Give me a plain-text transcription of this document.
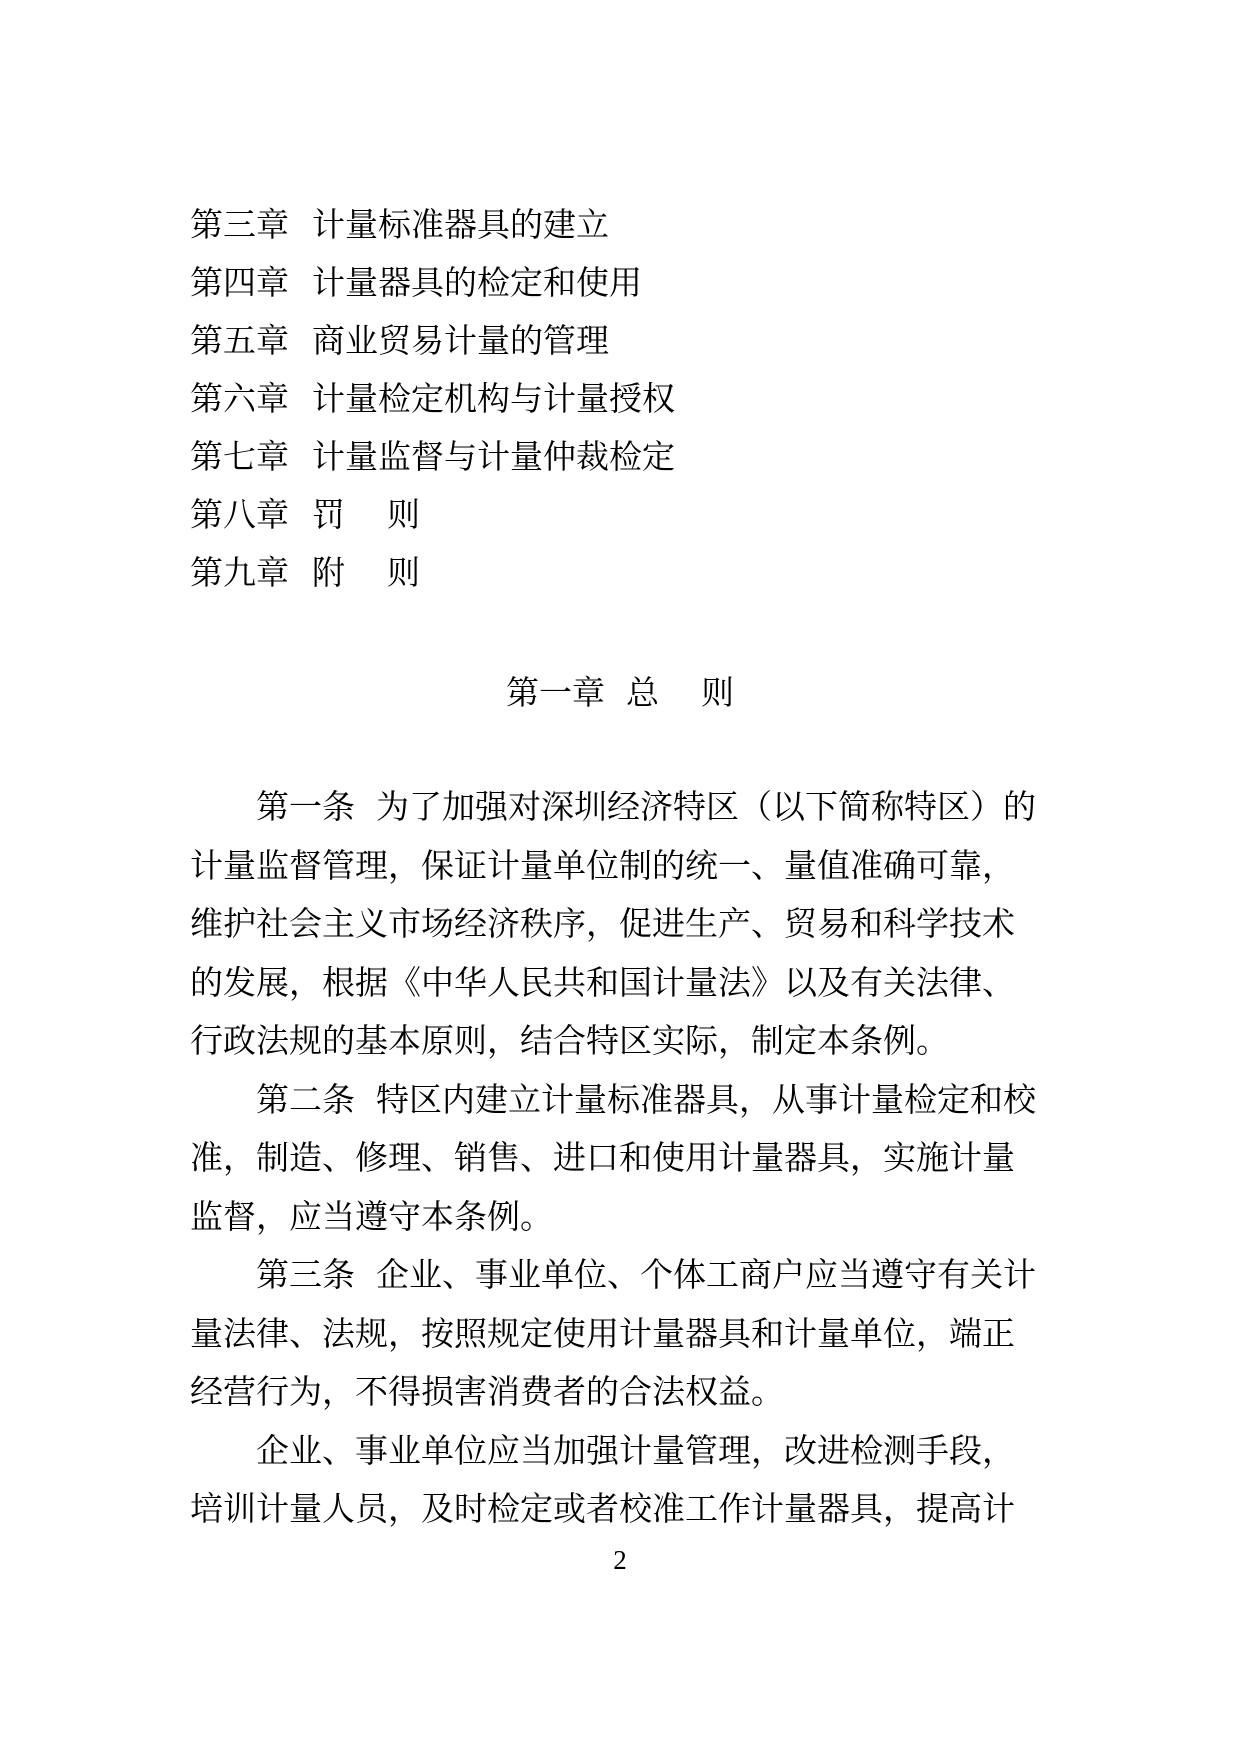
第三章 计量标准器具的建立
第四章 计量器具的检定和使用
第五章 商业贸易计量的管理
第六章 计量检定机构与计量授权
第七章 计量监督与计量仲裁检定
第八章 罚    则
第九章 附    则
第一章  总    则
第一条  为了加强对深圳经济特区（以下简称特区）的
计量监督管理，保证计量单位制的统一、量值准确可靠，
维护社会主义市场经济秩序，促进生产、贸易和科学技术
的发展，根据《中华人民共和国计量法》以及有关法律、
行政法规的基本原则，结合特区实际，制定本条例。
第二条  特区内建立计量标准器具，从事计量检定和校
准，制造、修理、销售、进口和使用计量器具，实施计量
监督，应当遵守本条例。
第三条  企业、事业单位、个体工商户应当遵守有关计
量法律、法规，按照规定使用计量器具和计量单位，端正
经营行为，不得损害消费者的合法权益。
企业、事业单位应当加强计量管理，改进检测手段，
培训计量人员，及时检定或者校准工作计量器具，提高计
2
